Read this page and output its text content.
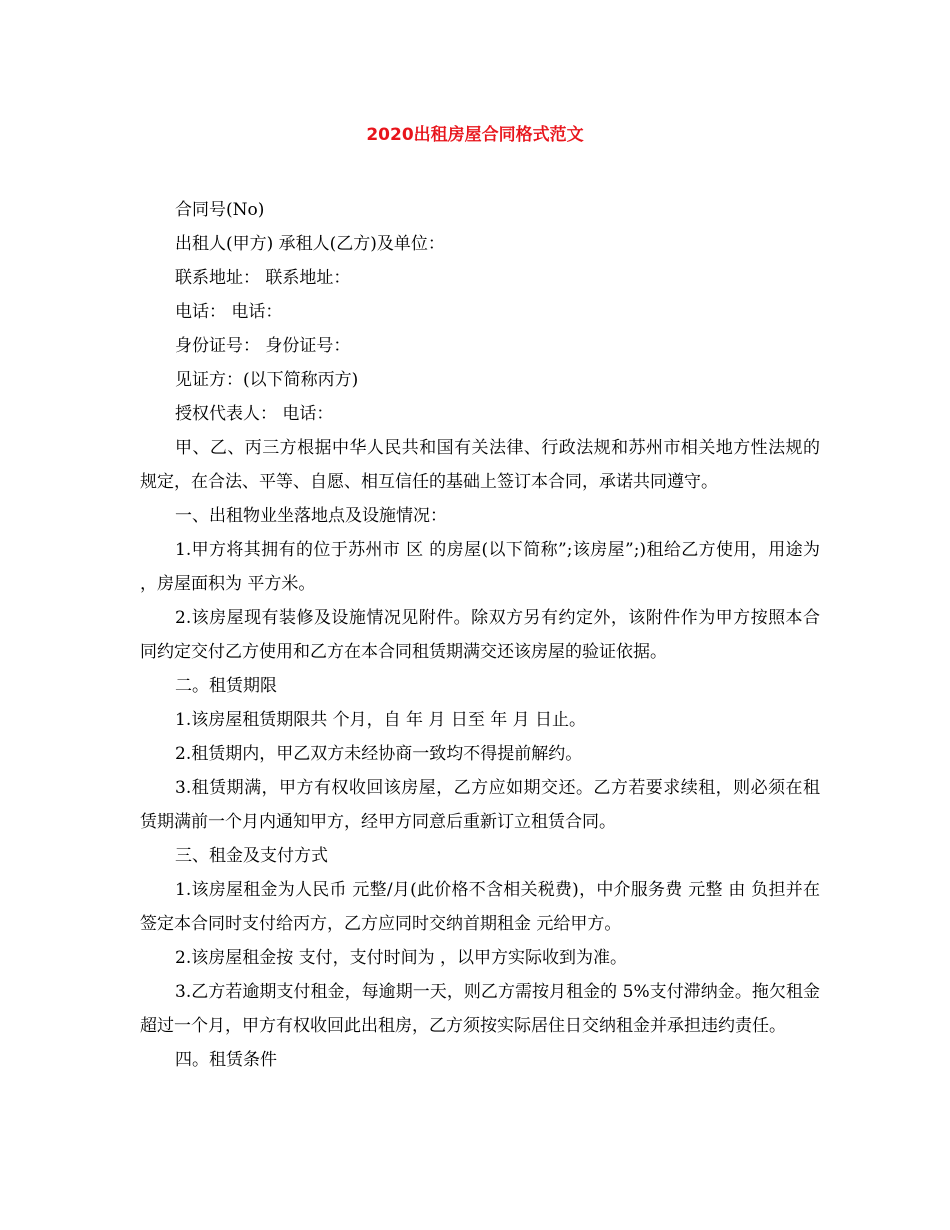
2020出租房屋合同格式范文

合同号(No)

出租人(甲方) 承租人(乙方)及单位：

联系地址： 联系地址：

电话： 电话：

身份证号： 身份证号：

见证方：(以下简称丙方)

授权代表人： 电话：

甲、乙、丙三方根据中华人民共和国有关法律、行政法规和苏州市相关地方性法规的规定，在合法、平等、自愿、相互信任的基础上签订本合同，承诺共同遵守。

一、出租物业坐落地点及设施情况：

1.甲方将其拥有的位于苏州市 区 的房屋(以下简称”;该房屋”;)租给乙方使用，用途为 ，房屋面积为 平方米。

2.该房屋现有装修及设施情况见附件。除双方另有约定外，该附件作为甲方按照本合同约定交付乙方使用和乙方在本合同租赁期满交还该房屋的验证依据。

二。租赁期限

1.该房屋租赁期限共 个月，自 年 月 日至 年 月 日止。

2.租赁期内，甲乙双方未经协商一致均不得提前解约。

3.租赁期满，甲方有权收回该房屋，乙方应如期交还。乙方若要求续租，则必须在租赁期满前一个月内通知甲方，经甲方同意后重新订立租赁合同。

三、租金及支付方式

1.该房屋租金为人民币 元整/月(此价格不含相关税费)，中介服务费 元整 由 负担并在签定本合同时支付给丙方，乙方应同时交纳首期租金 元给甲方。

2.该房屋租金按 支付，支付时间为 ，以甲方实际收到为准。

3.乙方若逾期支付租金，每逾期一天，则乙方需按月租金的 5%支付滞纳金。拖欠租金超过一个月，甲方有权收回此出租房，乙方须按实际居住日交纳租金并承担违约责任。

四。租赁条件
